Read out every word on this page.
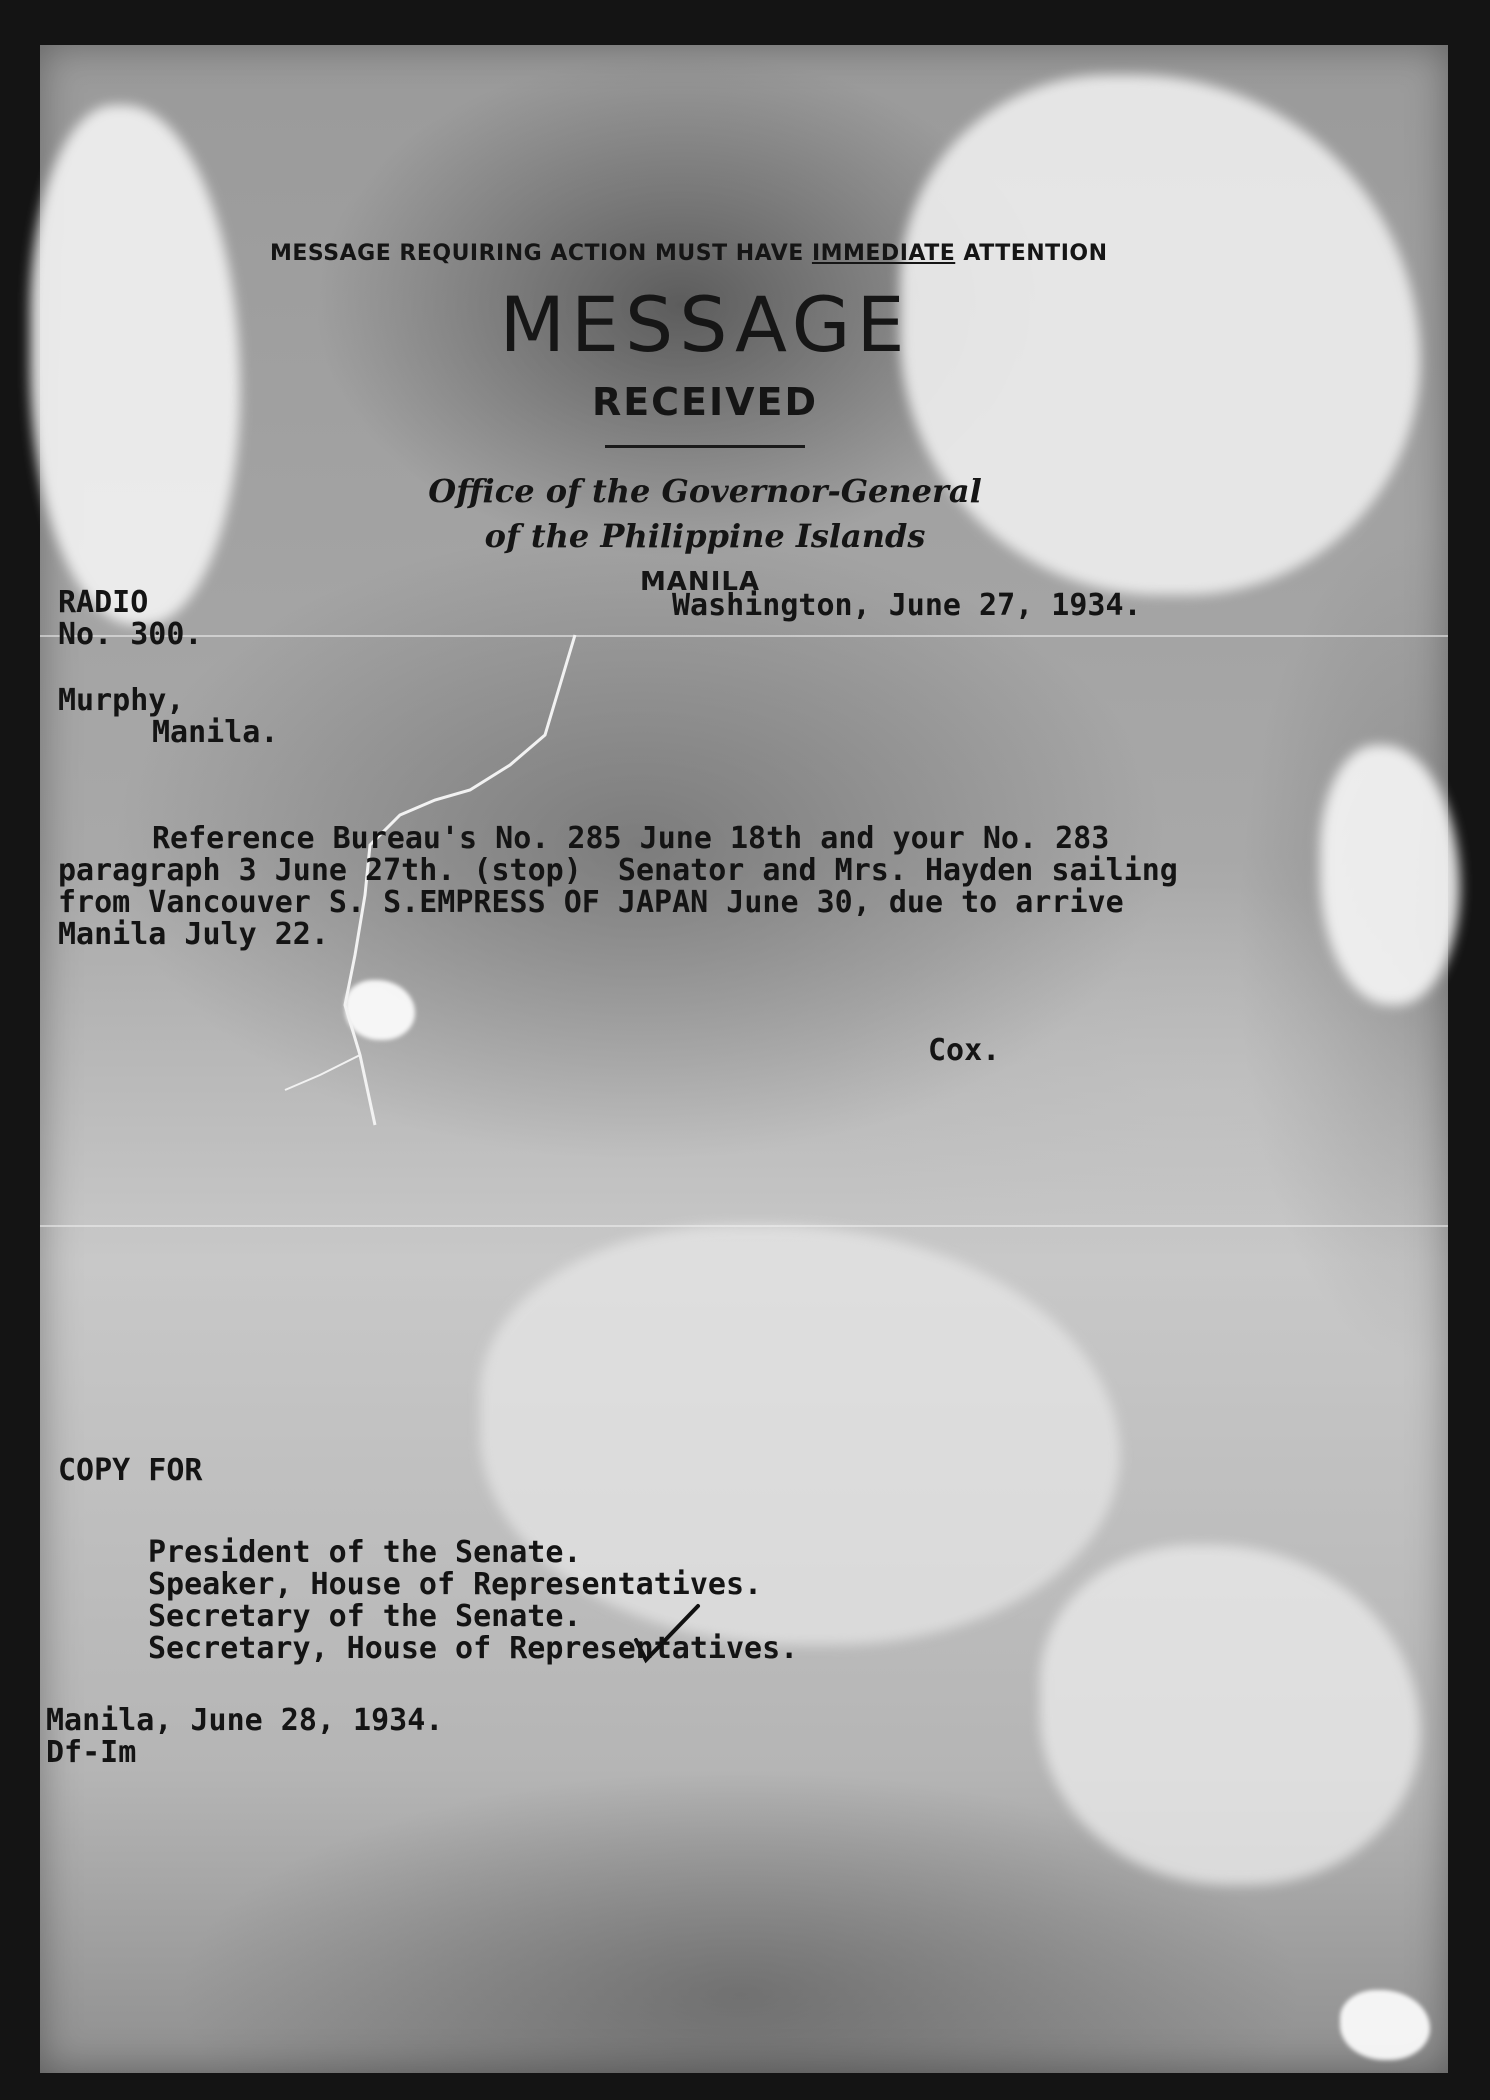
MESSAGE REQUIRING ACTION MUST HAVE IMMEDIATE ATTENTION
MESSAGE
RECEIVED
Office of the Governor-General
of the Philippine Islands
MANILA
RADIO
No. 300.
Washington, June 27, 1934.
Murphy,
Manila.
Reference Bureau's No. 285 June 18th and your No. 283
paragraph 3 June 27th. (stop)  Senator and Mrs. Hayden sailing
from Vancouver S. S.EMPRESS OF JAPAN June 30, due to arrive
Manila July 22.
Cox.
COPY FOR
President of the Senate.
Speaker, House of Representatives.
Secretary of the Senate.
Secretary, House of Representatives.
Manila, June 28, 1934.
Df-Im
